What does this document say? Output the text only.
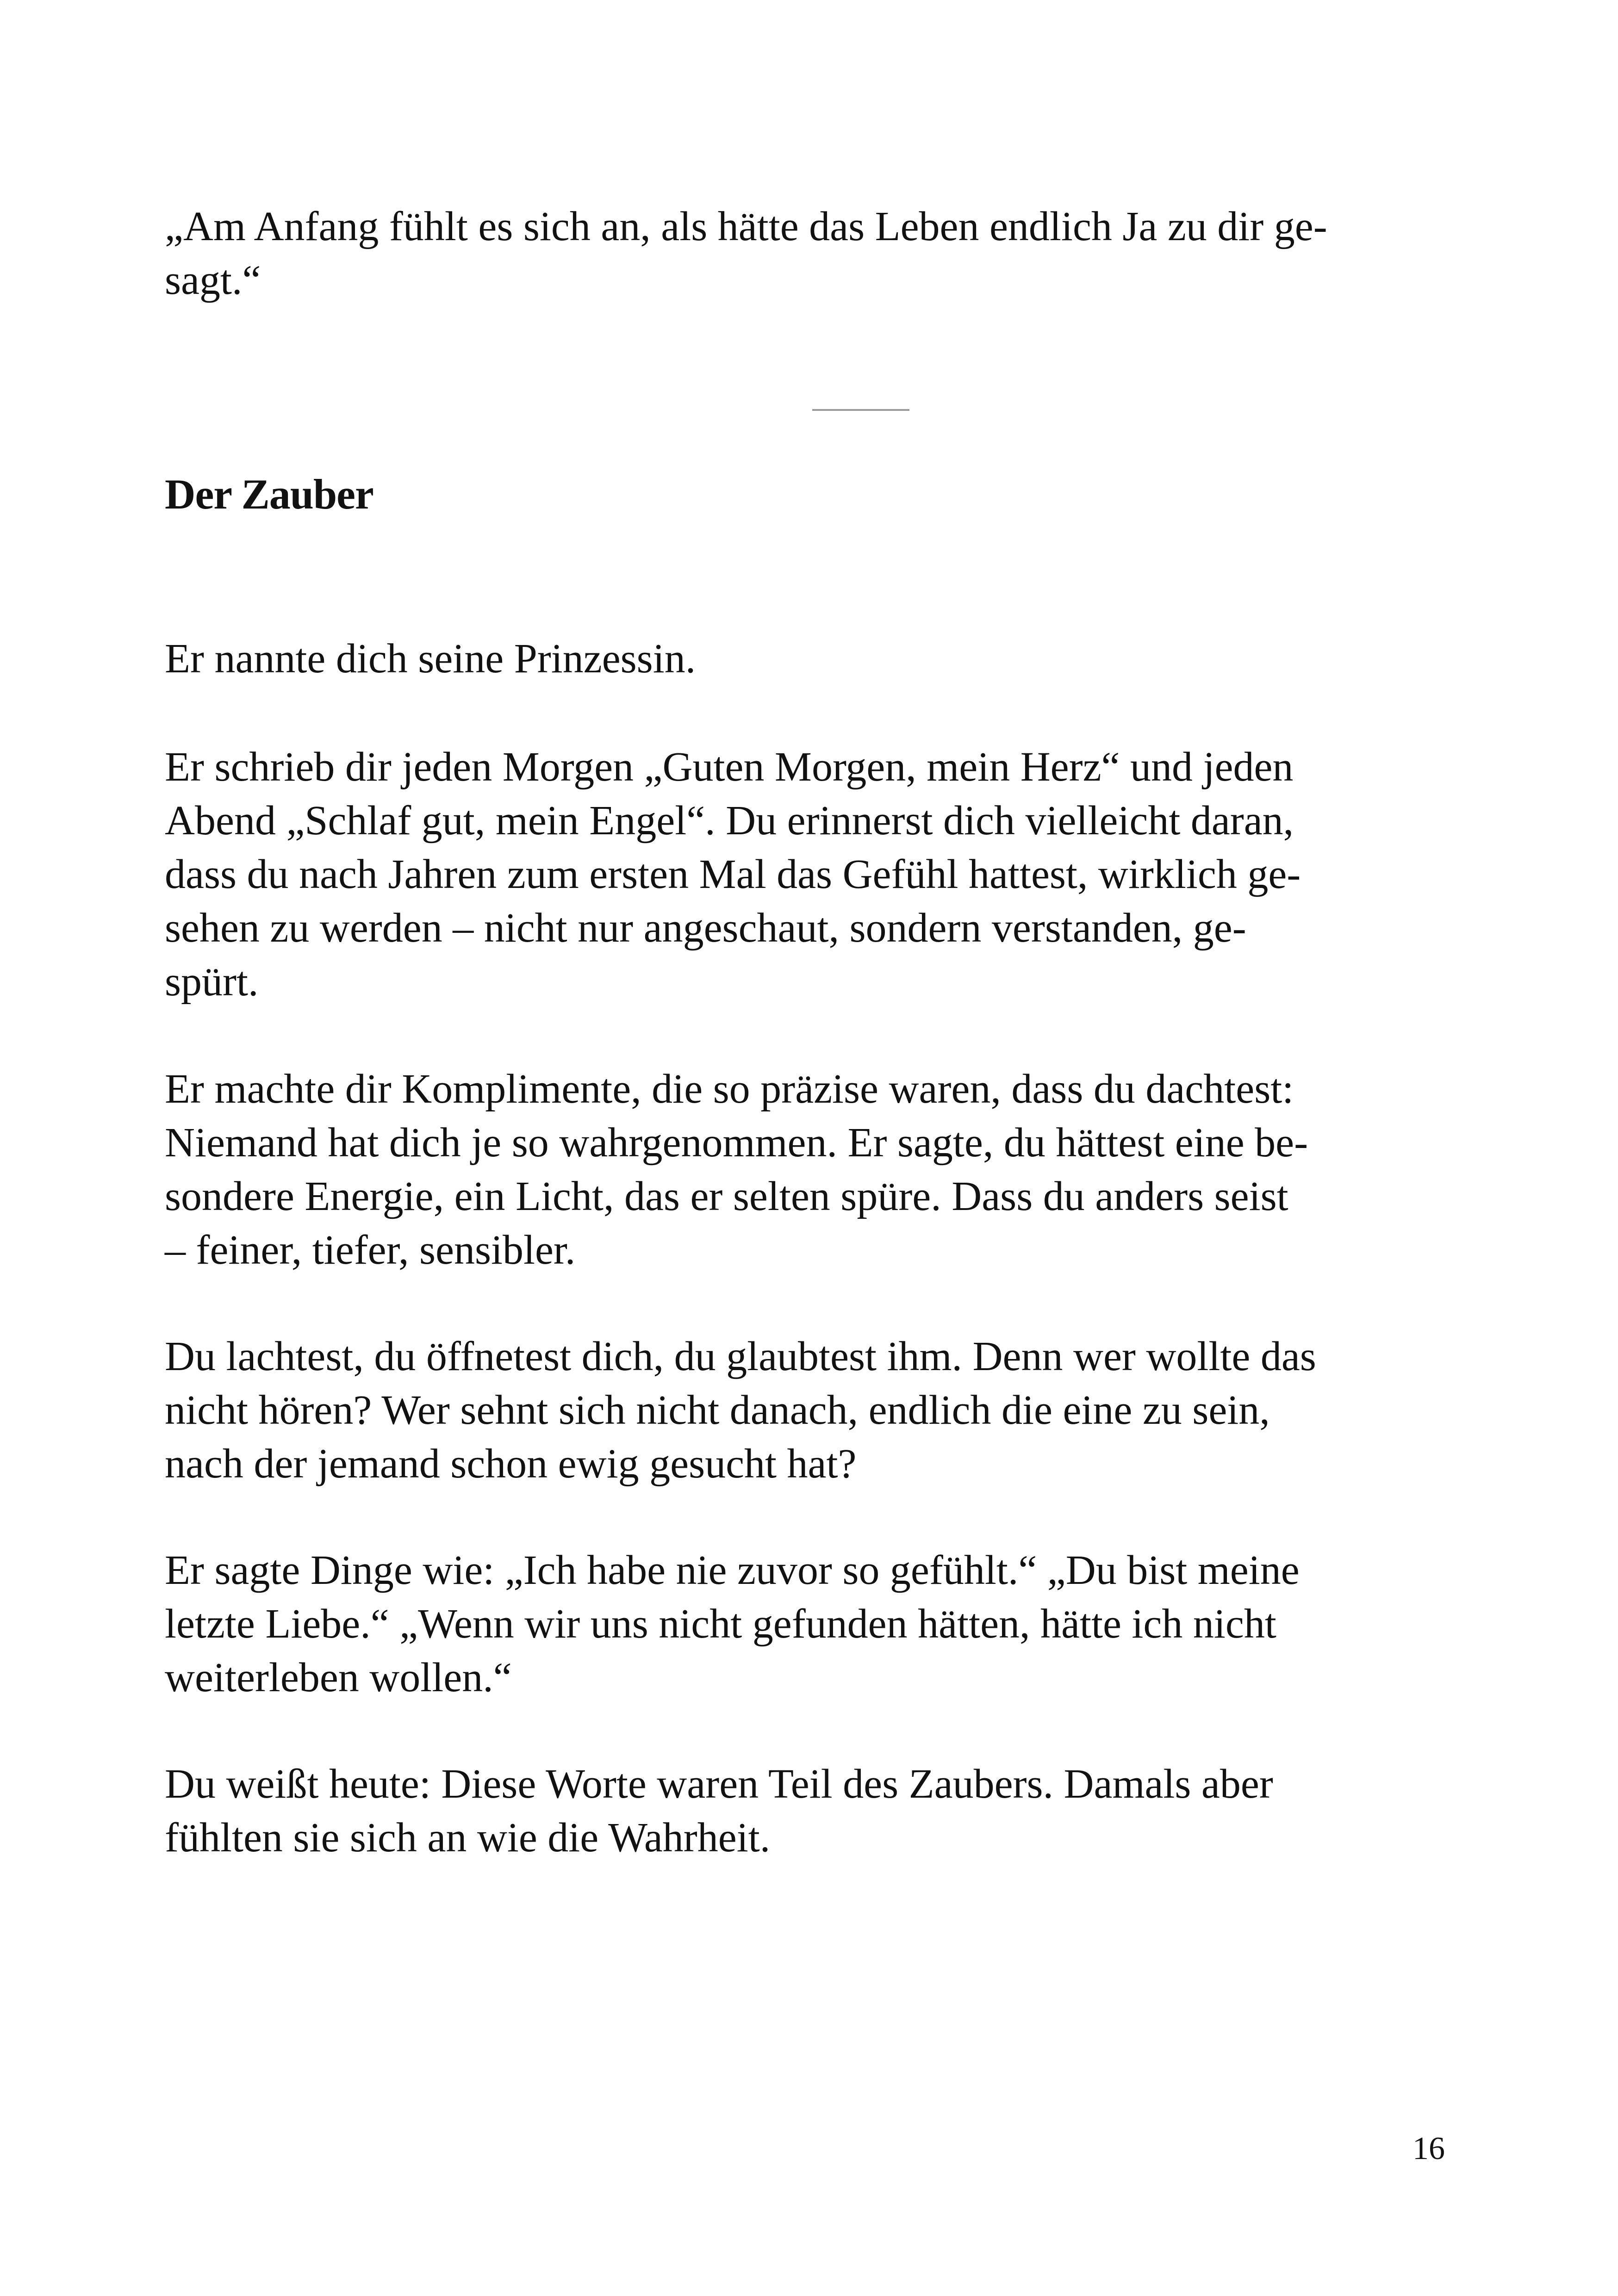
„Am Anfang fühlt es sich an, als hätte das Leben endlich Ja zu dir ge-
sagt.“

Der Zauber

Er nannte dich seine Prinzessin.

Er schrieb dir jeden Morgen „Guten Morgen, mein Herz“ und jeden
Abend „Schlaf gut, mein Engel“. Du erinnerst dich vielleicht daran,
dass du nach Jahren zum ersten Mal das Gefühl hattest, wirklich ge-
sehen zu werden – nicht nur angeschaut, sondern verstanden, ge-
spürt.

Er machte dir Komplimente, die so präzise waren, dass du dachtest:
Niemand hat dich je so wahrgenommen. Er sagte, du hättest eine be-
sondere Energie, ein Licht, das er selten spüre. Dass du anders seist
– feiner, tiefer, sensibler.

Du lachtest, du öffnetest dich, du glaubtest ihm. Denn wer wollte das
nicht hören? Wer sehnt sich nicht danach, endlich die eine zu sein,
nach der jemand schon ewig gesucht hat?

Er sagte Dinge wie: „Ich habe nie zuvor so gefühlt.“ „Du bist meine
letzte Liebe.“ „Wenn wir uns nicht gefunden hätten, hätte ich nicht
weiterleben wollen.“

Du weißt heute: Diese Worte waren Teil des Zaubers. Damals aber
fühlten sie sich an wie die Wahrheit.

16
